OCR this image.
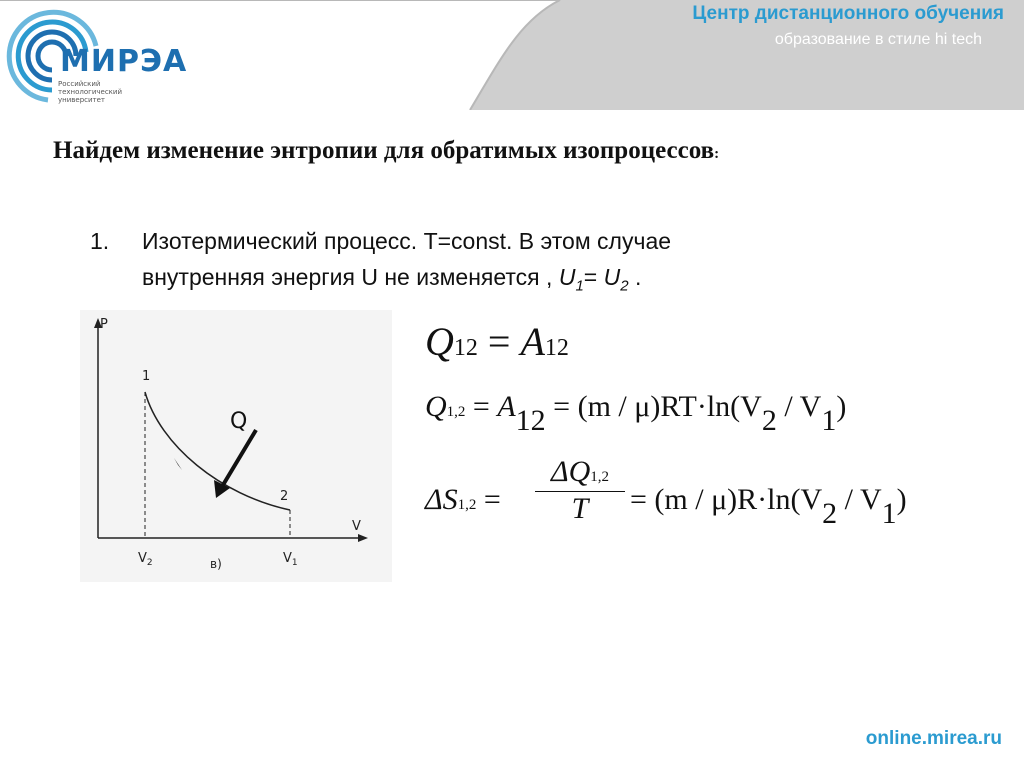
МИРЭА
Российский технологический университет
Центр дистанционного обучения
образование в стиле hi tech
Найдем изменение энтропии для обратимых изопроцессов:
1. Изотермический процесс. T=const. В этом случае
внутренняя энергия U не изменяется , $U_1= U_2$ .
P
V
1
2
Q
$V_2$	$V_1$
в)
Q12 = A12
Q1,2 = A12 = (m / μ)RT·ln(V2 / V1)
$\Delta S1,2 = \frac{\Delta Q1,2}{T} = (m / \mu)R\cdot\ln(V2 / V1)$
online.mirea.ru
